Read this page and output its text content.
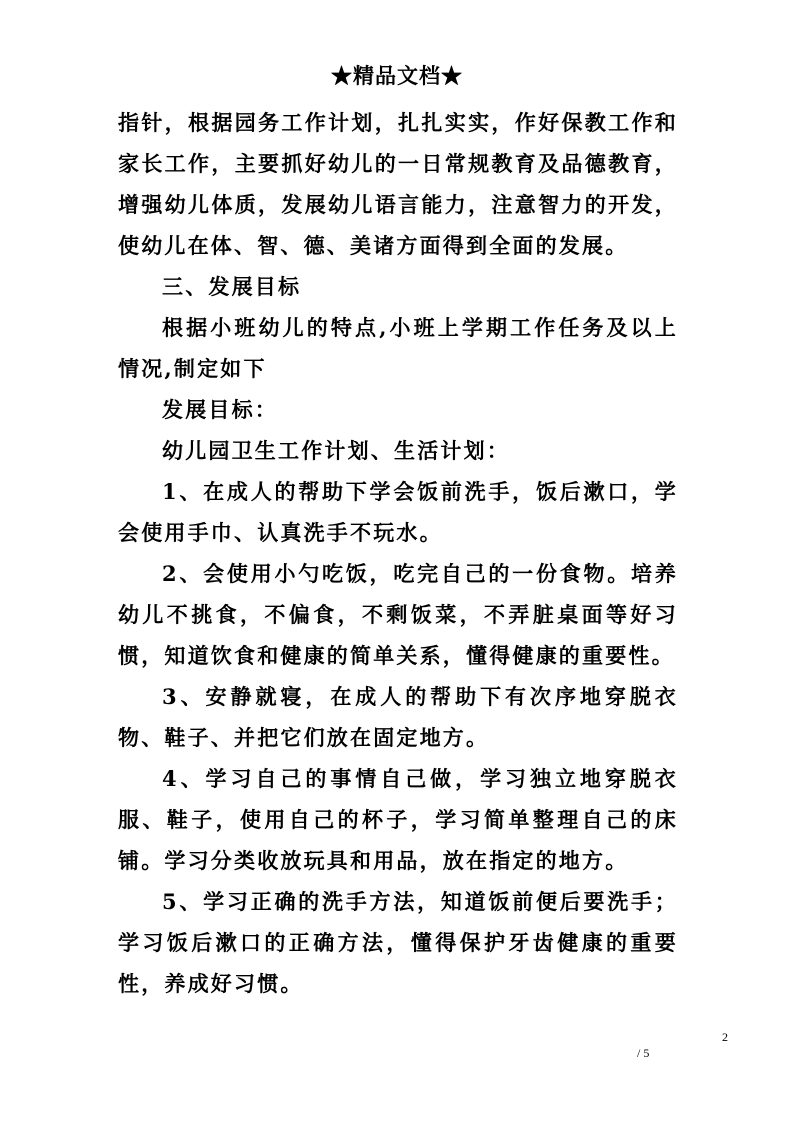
★精品文档★

指针，根据园务工作计划，扎扎实实，作好保教工作和家长工作，主要抓好幼儿的一日常规教育及品德教育，增强幼儿体质，发展幼儿语言能力，注意智力的开发，使幼儿在体、智、德、美诸方面得到全面的发展。

三、发展目标

根据小班幼儿的特点,小班上学期工作任务及以上情况,制定如下

发展目标：

幼儿园卫生工作计划、生活计划：

1、在成人的帮助下学会饭前洗手，饭后漱口，学会使用手巾、认真洗手不玩水。

2、会使用小勺吃饭，吃完自己的一份食物。培养幼儿不挑食，不偏食，不剩饭菜，不弄脏桌面等好习惯，知道饮食和健康的简单关系，懂得健康的重要性。

3、安静就寝，在成人的帮助下有次序地穿脱衣物、鞋子、并把它们放在固定地方。

4、学习自己的事情自己做，学习独立地穿脱衣服、鞋子，使用自己的杯子，学习简单整理自己的床铺。学习分类收放玩具和用品，放在指定的地方。

5、学习正确的洗手方法，知道饭前便后要洗手；学习饭后漱口的正确方法，懂得保护牙齿健康的重要性，养成好习惯。

2
/ 5
